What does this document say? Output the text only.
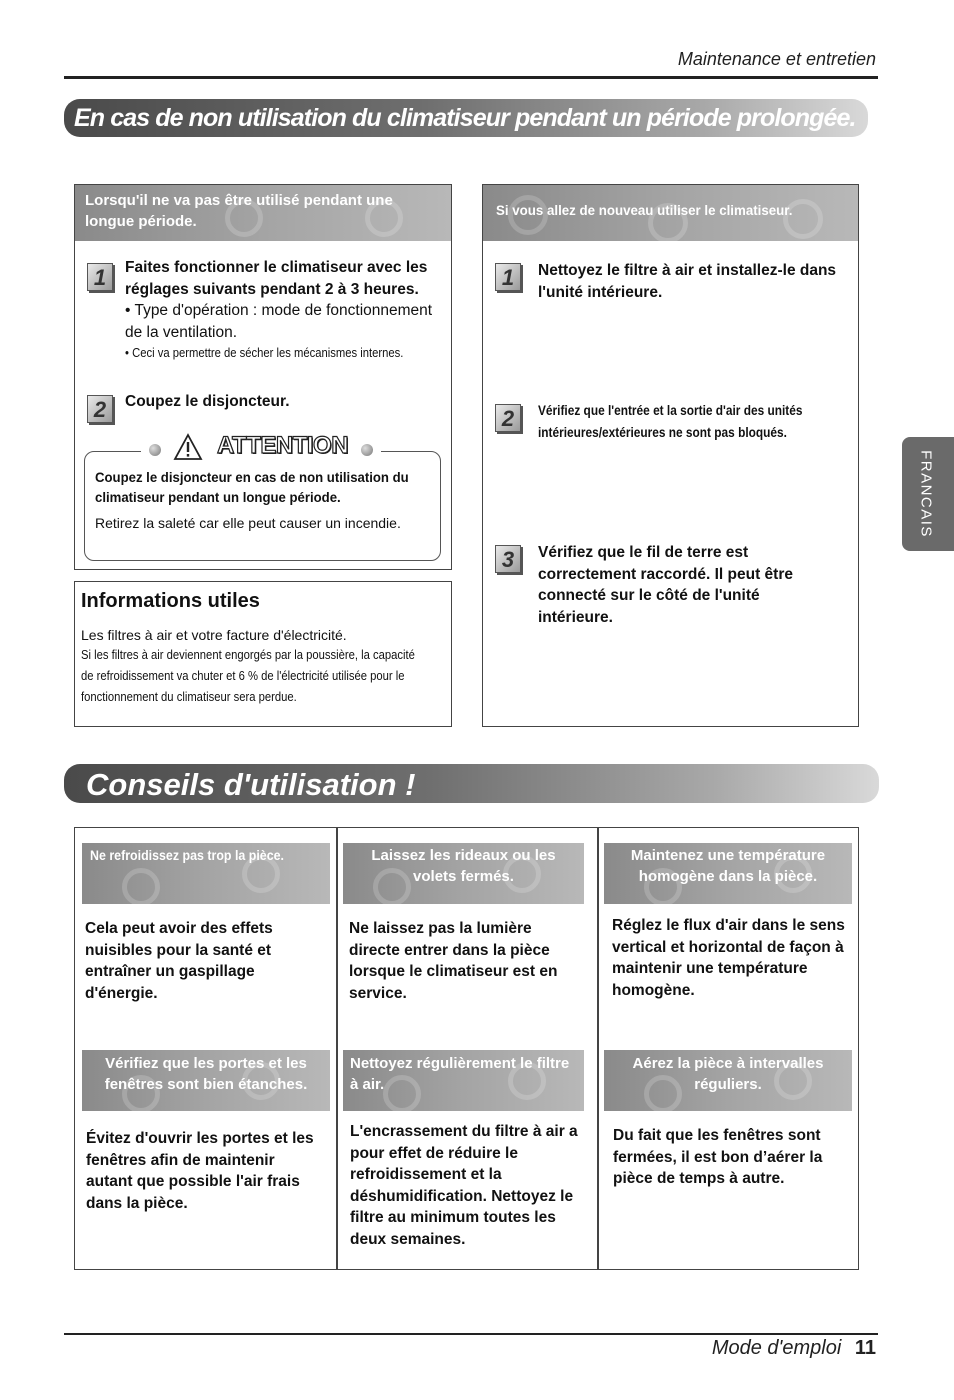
Maintenance et entretien
FRANCAIS
En cas de non utilisation du climatiseur pendant un période prolongée.
Lorsqu'il ne va pas être utilisé pendant une longue période.
1	Faites fonctionner le climatiseur avec les réglages suivants pendant 2 à 3 heures.
• Type d'opération : mode de fonctionnement de la ventilation.
• Ceci va permettre de sécher les mécanismes internes.
2	Coupez le disjoncteur.
ATTENTION
Coupez le disjoncteur en cas de non utilisation du climatiseur pendant un longue période.
Retirez la saleté car elle peut causer un incendie.
Informations utiles
Les filtres à air et votre facture d'électricité.
Si les filtres à air deviennent engorgés par la poussière, la capacité de refroidissement va chuter et 6 % de l'électricité utilisée pour le fonctionnement du climatiseur sera perdue.
Si vous allez de nouveau utiliser le climatiseur.
1	Nettoyez le filtre à air et installez-le dans l'unité intérieure.
2	Vérifiez que l'entrée et la sortie d'air des unités intérieures/extérieures ne sont pas bloqués.
3	Vérifiez que le fil de terre est correctement raccordé. Il peut être connecté sur le côté de l'unité intérieure.
Conseils d'utilisation !
Ne refroidissez pas trop la pièce.
Cela peut avoir des effets nuisibles pour la santé et entraîner un gaspillage d'énergie.
Laissez les rideaux ou les volets fermés.
Ne laissez pas la lumière directe entrer dans la pièce lorsque le climatiseur est en service.
Maintenez une température homogène dans la pièce.
Réglez le flux d'air dans le sens vertical et horizontal de façon à maintenir une température homogène.
Vérifiez que les portes et les fenêtres sont bien étanches.
Évitez d'ouvrir les portes et les fenêtres afin de maintenir autant que possible l'air frais dans la pièce.
Nettoyez régulièrement le filtre à air.
L'encrassement du filtre à air a pour effet de réduire le refroidissement et la déshumidification. Nettoyez le filtre au minimum toutes les deux semaines.
Aérez la pièce à intervalles réguliers.
Du fait que les fenêtres sont fermées, il est bon d’aérer la pièce de temps à autre.
Mode d'emploi 11
